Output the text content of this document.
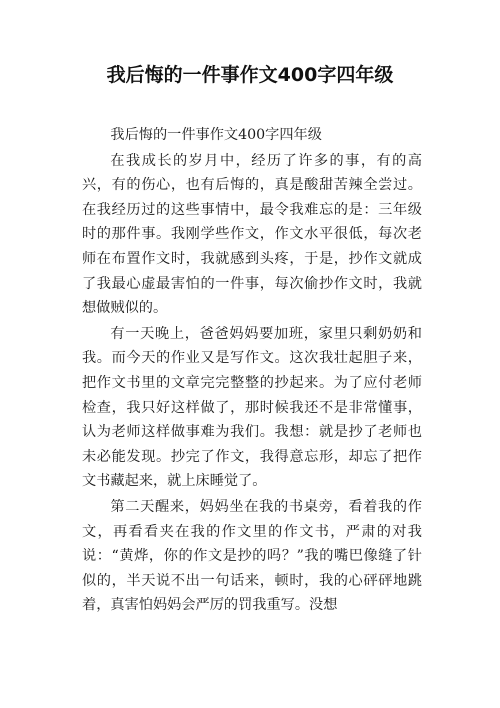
我后悔的一件事作文400字四年级

我后悔的一件事作文400字四年级

在我成长的岁月中，经历了许多的事，有的高兴，有的伤心，也有后悔的，真是酸甜苦辣全尝过。在我经历过的这些事情中，最令我难忘的是：三年级时的那件事。我刚学些作文，作文水平很低，每次老师在布置作文时，我就感到头疼，于是，抄作文就成了我最心虚最害怕的一件事，每次偷抄作文时，我就想做贼似的。

有一天晚上，爸爸妈妈要加班，家里只剩奶奶和我。而今天的作业又是写作文。这次我壮起胆子来，把作文书里的文章完完整整的抄起来。为了应付老师检查，我只好这样做了，那时候我还不是非常懂事，认为老师这样做事难为我们。我想：就是抄了老师也未必能发现。抄完了作文，我得意忘形，却忘了把作文书藏起来，就上床睡觉了。

第二天醒来，妈妈坐在我的书桌旁，看着我的作文，再看看夹在我的作文里的作文书，严肃的对我说：“黄烨，你的作文是抄的吗？”我的嘴巴像缝了针似的，半天说不出一句话来，顿时，我的心砰砰地跳着，真害怕妈妈会严厉的罚我重写。没想
